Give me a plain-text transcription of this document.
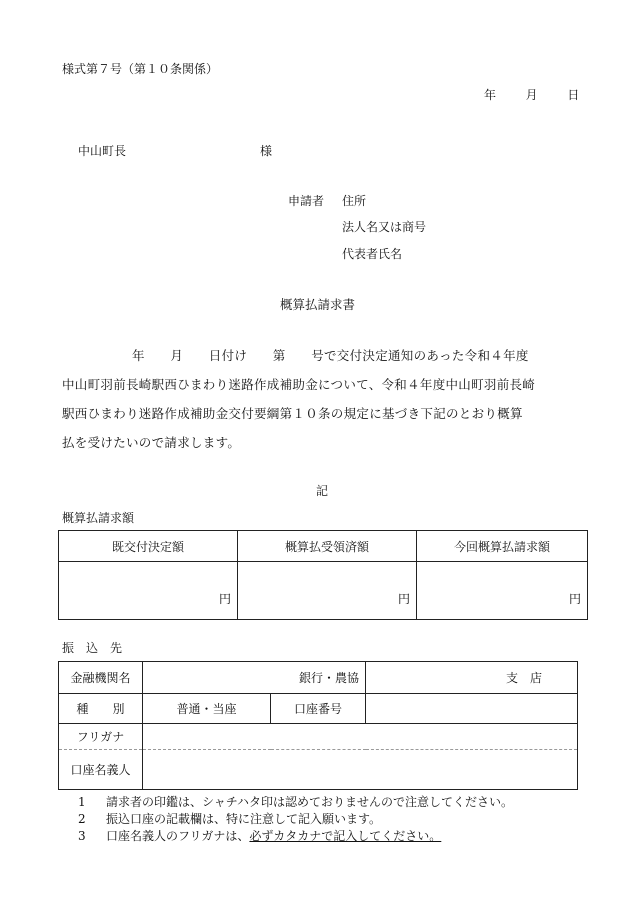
様式第７号（第１０条関係）
年 月 日
中山町長	様
申請者 住所
法人名又は商号
代表者氏名
概算払請求書
年　　月　　日付け　　第　　号で交付決定通知のあった令和４年度
中山町羽前長崎駅西ひまわり迷路作成補助金について、令和４年度中山町羽前長崎
駅西ひまわり迷路作成補助金交付要綱第１０条の規定に基づき下記のとおり概算
払を受けたいので請求します。
記
概算払請求額
既交付決定額	概算払受領済額	今回概算払請求額
円	円	円
振　込　先
金融機関名	銀行・農協		支　店
種　　別	普通・当座	口座番号	
フリガナ			
口座名義人			
1 請求者の印鑑は、シャチハタ印は認めておりませんので注意してください。
2 振込口座の記載欄は、特に注意して記入願います。
3 口座名義人のフリガナは、必ずカタカナで記入してください。
